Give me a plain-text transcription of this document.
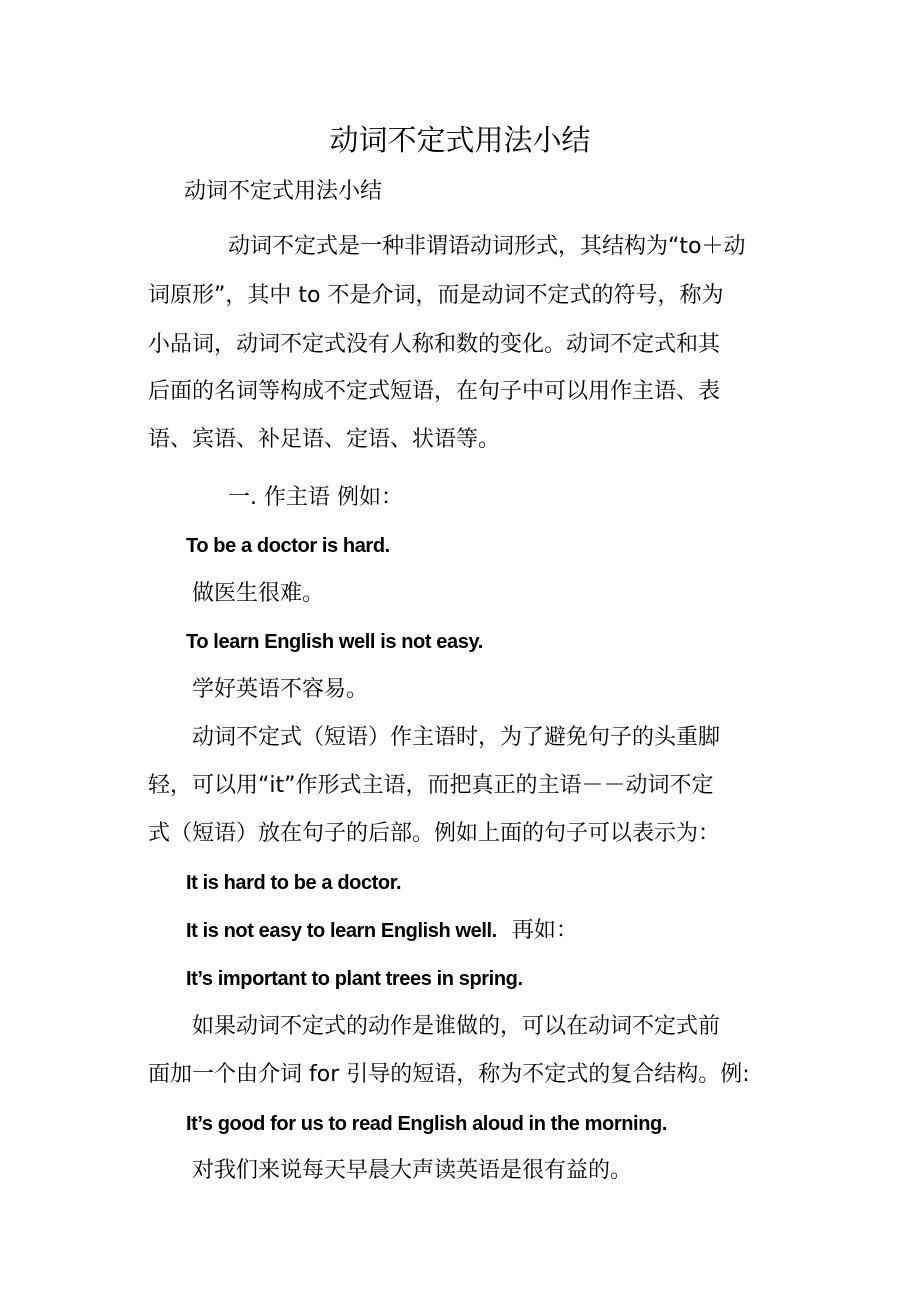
动词不定式用法小结
动词不定式用法小结
动词不定式是一种非谓语动词形式，其结构为“to＋动
词原形”，其中 to 不是介词，而是动词不定式的符号，称为
小品词，动词不定式没有人称和数的变化。动词不定式和其
后面的名词等构成不定式短语，在句子中可以用作主语、表
语、宾语、补足语、定语、状语等。
一. 作主语 例如：
To be a doctor is hard.
做医生很难。
To learn English well is not easy.
学好英语不容易。
动词不定式（短语）作主语时，为了避免句子的头重脚
轻，可以用“it”作形式主语，而把真正的主语－－动词不定
式（短语）放在句子的后部。例如上面的句子可以表示为：
It is hard to be a doctor.
It is not easy to learn English well. 再如：
It’s important to plant trees in spring.
如果动词不定式的动作是谁做的，可以在动词不定式前
面加一个由介词 for 引导的短语，称为不定式的复合结构。例:
It’s good for us to read English aloud in the morning.
对我们来说每天早晨大声读英语是很有益的。
